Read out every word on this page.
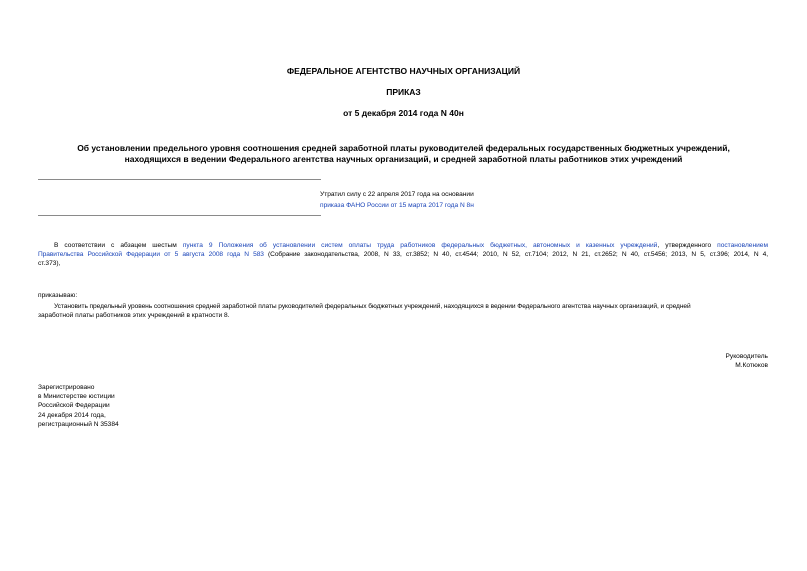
ФЕДЕРАЛЬНОЕ АГЕНТСТВО НАУЧНЫХ ОРГАНИЗАЦИЙ
ПРИКАЗ
от 5 декабря 2014 года N 40н
Об установлении предельного уровня соотношения средней заработной платы руководителей федеральных государственных бюджетных учреждений,
находящихся в ведении Федерального агентства научных организаций, и средней заработной платы работников этих учреждений
Утратил силу с 22 апреля 2017 года на основании
приказа ФАНО России от 15 марта 2017 года N 8н
В соответствии с абзацем шестым пункта 9 Положения об установлении систем оплаты труда работников федеральных бюджетных, автономных и казенных учреждений, утвержденного постановлением
Правительства Российской Федерации от 5 августа 2008 года N 583 (Собрание законодательства, 2008, N 33, ст.3852; N 40, ст.4544; 2010, N 52, ст.7104; 2012, N 21, ст.2652; N 40, ст.5456; 2013, N 5, ст.396; 2014, N 4,
ст.373),
приказываю:
Установить предельный уровень соотношения средней заработной платы руководителей федеральных бюджетных учреждений, находящихся в ведении Федерального агентства научных организаций, и средней
заработной платы работников этих учреждений в кратности 8.
Руководитель
М.Котюков
Зарегистрировано
в Министерстве юстиции
Российской Федерации
24 декабря 2014 года,
регистрационный N 35384
